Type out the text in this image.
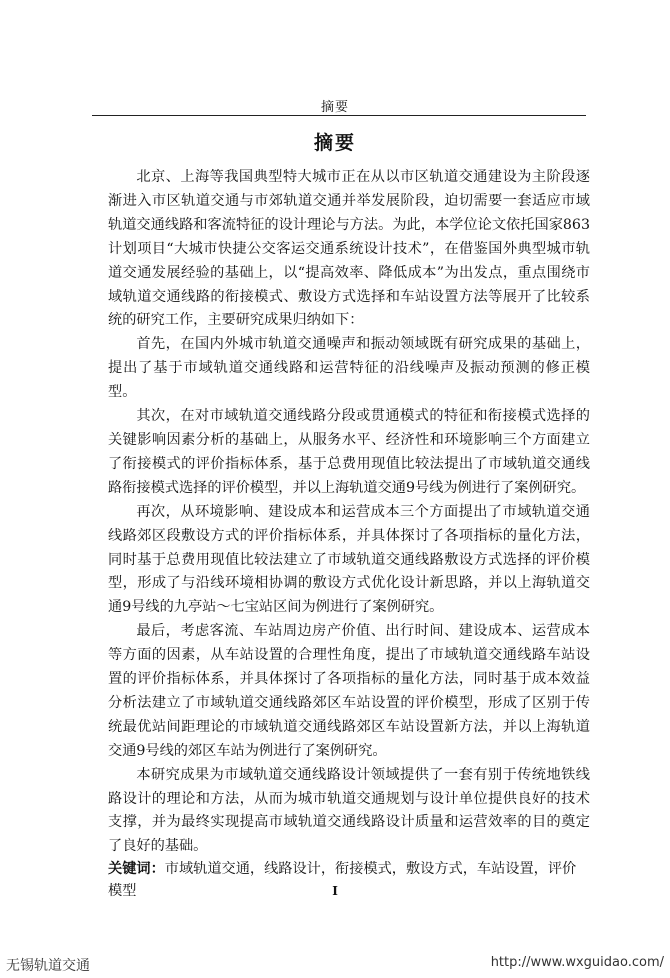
摘要
摘要

北京、上海等我国典型特大城市正在从以市区轨道交通建设为主阶段逐渐进入市区轨道交通与市郊轨道交通并举发展阶段，迫切需要一套适应市域轨道交通线路和客流特征的设计理论与方法。为此，本学位论文依托国家863计划项目“大城市快捷公交客运交通系统设计技术”，在借鉴国外典型城市轨道交通发展经验的基础上，以“提高效率、降低成本”为出发点，重点围绕市域轨道交通线路的衔接模式、敷设方式选择和车站设置方法等展开了比较系统的研究工作，主要研究成果归纳如下：

首先，在国内外城市轨道交通噪声和振动领域既有研究成果的基础上，提出了基于市域轨道交通线路和运营特征的沿线噪声及振动预测的修正模型。

其次，在对市域轨道交通线路分段或贯通模式的特征和衔接模式选择的关键影响因素分析的基础上，从服务水平、经济性和环境影响三个方面建立了衔接模式的评价指标体系，基于总费用现值比较法提出了市域轨道交通线路衔接模式选择的评价模型，并以上海轨道交通9号线为例进行了案例研究。

再次，从环境影响、建设成本和运营成本三个方面提出了市域轨道交通线路郊区段敷设方式的评价指标体系，并具体探讨了各项指标的量化方法，同时基于总费用现值比较法建立了市域轨道交通线路敷设方式选择的评价模型，形成了与沿线环境相协调的敷设方式优化设计新思路，并以上海轨道交通9号线的九亭站～七宝站区间为例进行了案例研究。

最后，考虑客流、车站周边房产价值、出行时间、建设成本、运营成本等方面的因素，从车站设置的合理性角度，提出了市域轨道交通线路车站设置的评价指标体系，并具体探讨了各项指标的量化方法，同时基于成本效益分析法建立了市域轨道交通线路郊区车站设置的评价模型，形成了区别于传统最优站间距理论的市域轨道交通线路郊区车站设置新方法，并以上海轨道交通9号线的郊区车站为例进行了案例研究。

本研究成果为市域轨道交通线路设计领域提供了一套有别于传统地铁线路设计的理论和方法，从而为城市轨道交通规划与设计单位提供良好的技术支撑，并为最终实现提高市域轨道交通线路设计质量和运营效率的目的奠定了良好的基础。

关键词：市域轨道交通，线路设计，衔接模式，敷设方式，车站设置，评价模型	I
无锡轨道交通	http://www.wxguidao.com/
